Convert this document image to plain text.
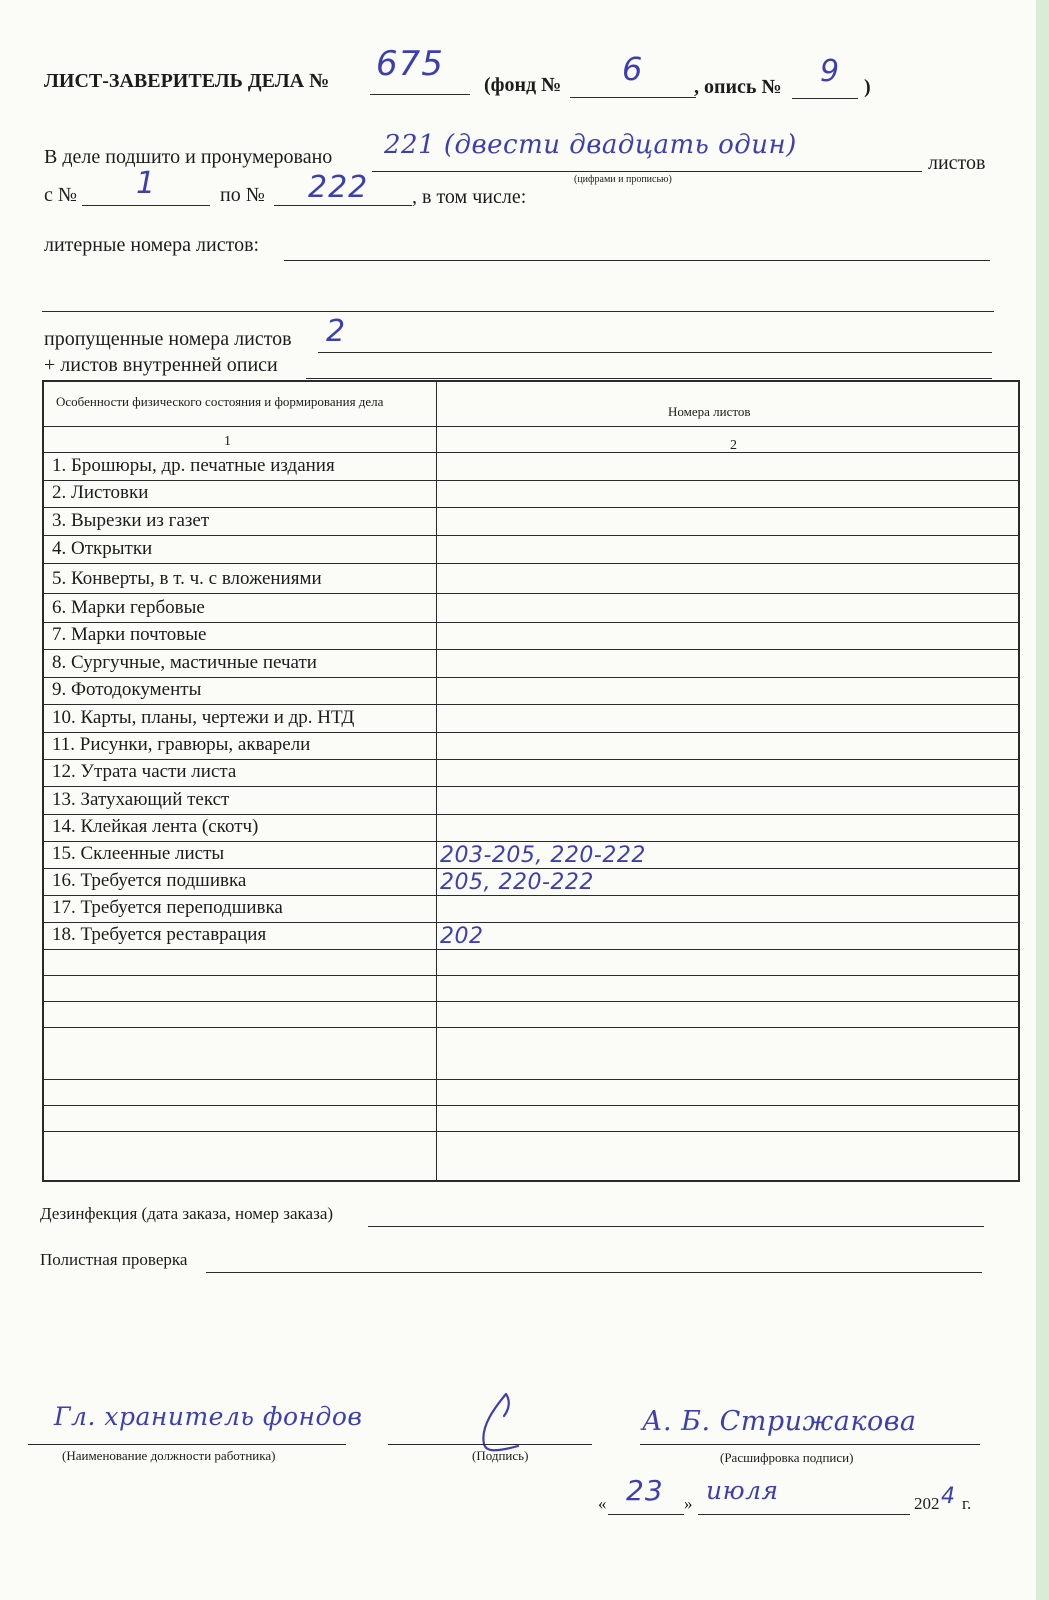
ЛИСТ-ЗАВЕРИТЕЛЬ ДЕЛА № 675
(фонд № 6	, опись № 9 )
В деле подшито и пронумеровано 221 (двести двадцать один)
(цифрами и прописью)
листов
с № 1	по № 222 , в том числе:
литерные номера листов:
пропущенные номера листов 2
+ листов внутренней описи
Особенности физического состояния и формирования дела
Номера листов
1	2
1. Брошюры, др. печатные издания
2. Листовки
3. Вырезки из газет
4. Открытки
5. Конверты, в т. ч. с вложениями
6. Марки гербовые
7. Марки почтовые
8. Сургучные, мастичные печати
9. Фотодокументы
10. Карты, планы, чертежи и др. НТД
11. Рисунки, гравюры, акварели
12. Утрата части листа
13. Затухающий текст
14. Клейкая лента (скотч)
15. Склеенные листы	203-205, 220-222
16. Требуется подшивка	205, 220-222
17. Требуется переподшивка
18. Требуется реставрация	202
Дезинфекция (дата заказа, номер заказа)
Полистная проверка
Гл. хранитель фондов
(Наименование должности работника)	(Подпись)
А. Б. Стрижакова
(Расшифровка подписи)
« 23 » июля	202 4 г.
